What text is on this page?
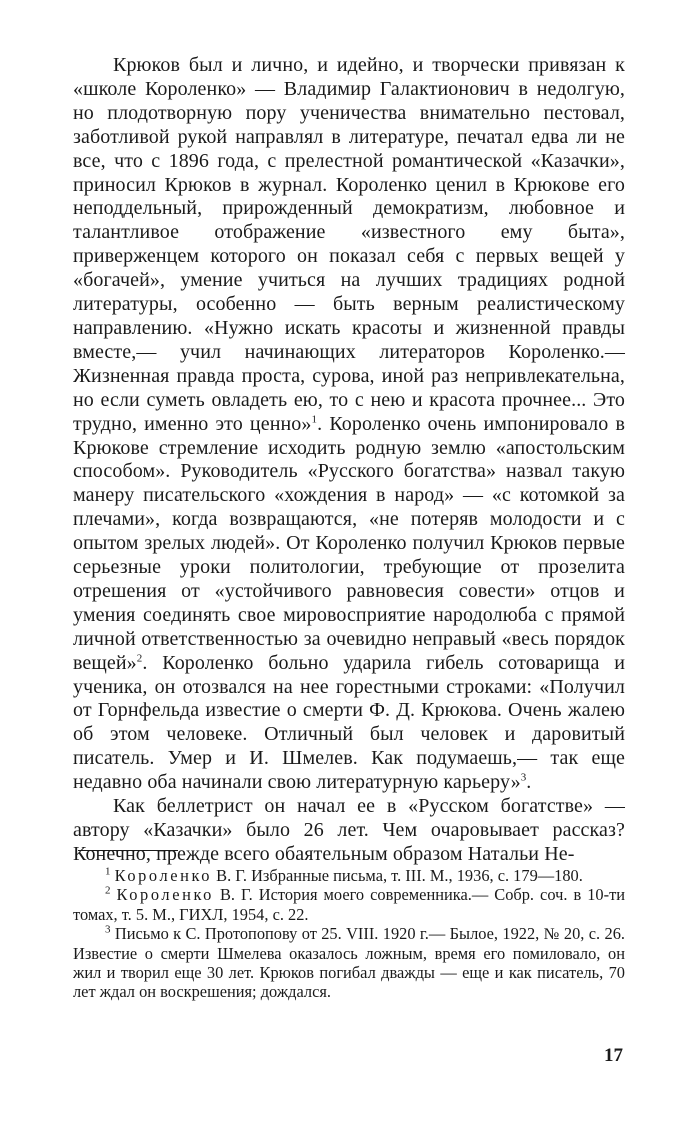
Крюков был и лично, и идейно, и творчески привязан к «школе Короленко» — Владимир Галактионович в недолгую, но плодотворную пору ученичества внимательно пестовал, заботливой рукой направлял в литературе, печатал едва ли не все, что с 1896 года, с прелестной романтической «Казачки», приносил Крюков в журнал. Короленко ценил в Крюкове его неподдельный, прирожденный демократизм, любовное и талантливое отображение «известного ему быта», приверженцем которого он показал себя с первых вещей у «богачей», умение учиться на лучших традициях родной литературы, особенно — быть верным реалистическому направлению. «Нужно искать красоты и жизненной правды вместе,— учил начинающих литераторов Короленко.— Жизненная правда проста, сурова, иной раз непривлекательна, но если суметь овладеть ею, то с нею и красота прочнее... Это трудно, именно это ценно»$^1$. Короленко очень импонировало в Крюкове стремление исходить родную землю «апостольским способом». Руководитель «Русского богатства» назвал такую манеру писательского «хождения в народ» — «с котомкой за плечами», когда возвращаются, «не потеряв молодости и с опытом зрелых людей». От Короленко получил Крюков первые серьезные уроки политологии, требующие от прозелита отрешения от «устойчивого равновесия совести» отцов и умения соединять свое мировосприятие народолюба с прямой личной ответственностью за очевидно неправый «весь порядок вещей»$^2$. Короленко больно ударила гибель сотоварища и ученика, он отозвался на нее горестными строками: «Получил от Горнфельда известие о смерти Ф. Д. Крюкова. Очень жалею об этом человеке. Отличный был человек и даровитый писатель. Умер и И. Шмелев. Как подумаешь,— так еще недавно оба начинали свою литературную карьеру»$^3$.

Как беллетрист он начал ее в «Русском богатстве» — автору «Казачки» было 26 лет. Чем очаровывает рассказ? Конечно, прежде всего обаятельным образом Натальи Не-

$^1$ Короленко В. Г. Избранные письма, т. III. М., 1936, с. 179—180.

$^2$ Короленко В. Г. История моего современника.— Собр. соч. в 10-ти томах, т. 5. М., ГИХЛ, 1954, с. 22.

$^3$ Письмо к С. Протопопову от 25. VIII. 1920 г.— Былое, 1922, № 20, с. 26. Известие о смерти Шмелева оказалось ложным, время его помиловало, он жил и творил еще 30 лет. Крюков погибал дважды — еще и как писатель, 70 лет ждал он воскрешения; дождался.

17
